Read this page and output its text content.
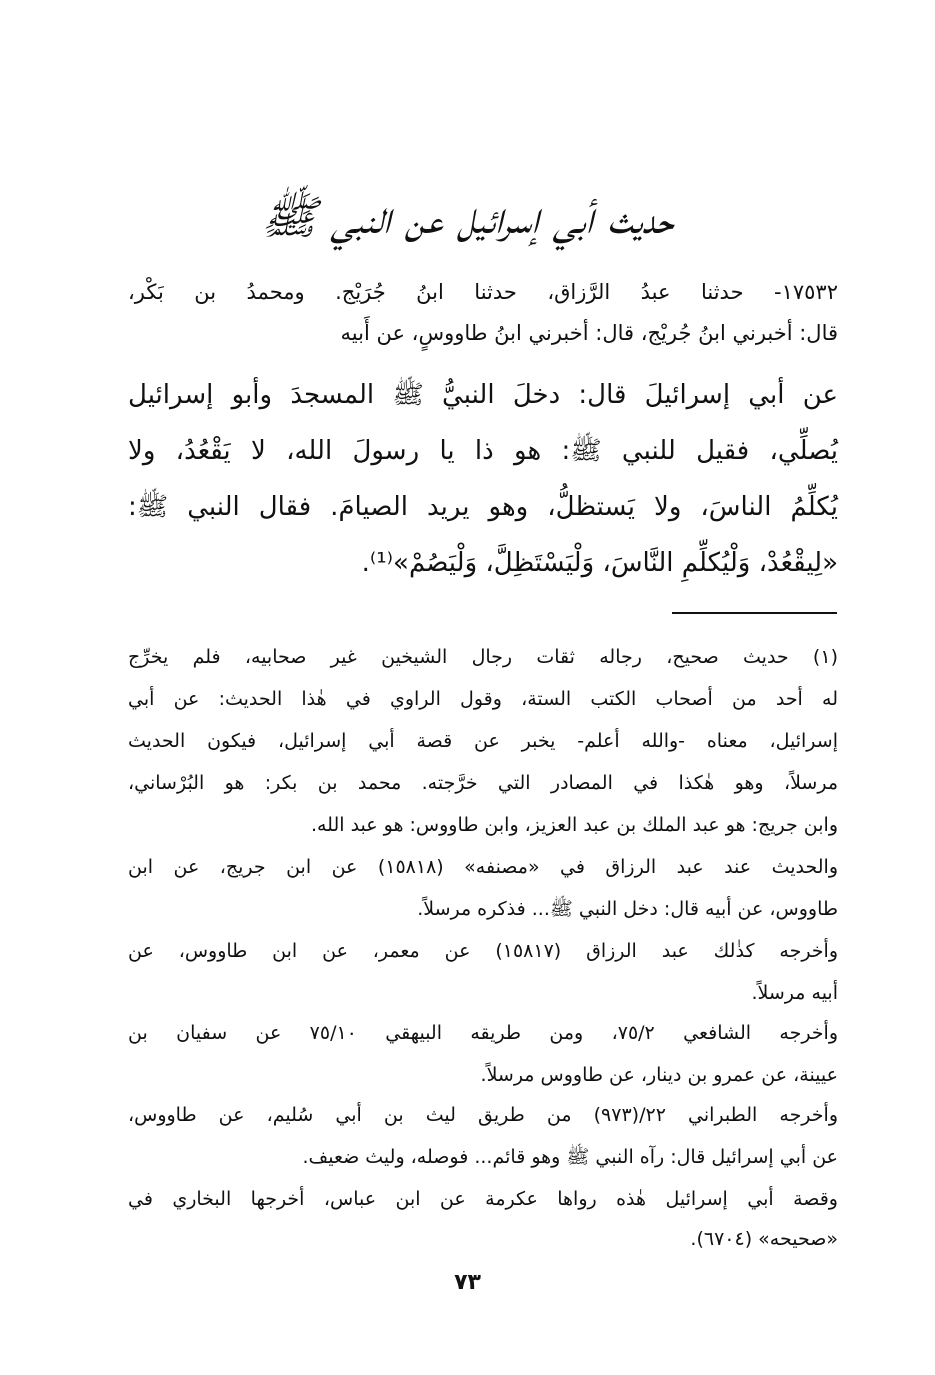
حديث أبي إسرائيل عن النبي ﷺ
١٧٥٣٢- حدثنا عبدُ الرَّزاق، حدثنا ابنُ جُرَيْج. ومحمدُ بن بَكْر،
قال: أخبرني ابنُ جُريْج، قال: أخبرني ابنُ طاووسٍ، عن أَبيه
عن أبي إسرائيلَ قال: دخلَ النبيُّ ﷺ المسجدَ وأبو إسرائيل
يُصلِّي، فقيل للنبي ﷺ: هو ذا يا رسولَ الله، لا يَقْعُدُ، ولا
يُكلِّمُ الناسَ، ولا يَستظلُّ، وهو يريد الصيامَ. فقال النبي ﷺ:
«لِيقْعُدْ، وَلْيُكلِّمِ النَّاسَ، وَلْيَسْتَظِلَّ، وَلْيَصُمْ»⁽¹⁾.
(١) حديث صحيح، رجاله ثقات رجال الشيخين غير صحابيه، فلم يخرِّج
له أحد من أصحاب الكتب الستة، وقول الراوي في هٰذا الحديث: عن أبي
إسرائيل، معناه -والله أعلم- يخبر عن قصة أبي إسرائيل، فيكون الحديث
مرسلاً، وهو هٰكذا في المصادر التي خرَّجته. محمد بن بكر: هو البُرْساني،
وابن جريج: هو عبد الملك بن عبد العزيز، وابن طاووس: هو عبد الله.
والحديث عند عبد الرزاق في «مصنفه» (١٥٨١٨) عن ابن جريج، عن ابن
طاووس، عن أبيه قال: دخل النبي ﷺ... فذكره مرسلاً.
وأخرجه كذٰلك عبد الرزاق (١٥٨١٧) عن معمر، عن ابن طاووس، عن
أبيه مرسلاً.
وأخرجه الشافعي ٧٥/٢، ومن طريقه البيهقي ٧٥/١٠ عن سفيان بن
عيينة، عن عمرو بن دينار، عن طاووس مرسلاً.
وأخرجه الطبراني ٢٢/(٩٧٣) من طريق ليث بن أبي سُليم، عن طاووس،
عن أبي إسرائيل قال: رآه النبي ﷺ وهو قائم... فوصله، وليث ضعيف.
وقصة أبي إسرائيل هٰذه رواها عكرمة عن ابن عباس، أخرجها البخاري في
«صحيحه» (٦٧٠٤).
٧٣
